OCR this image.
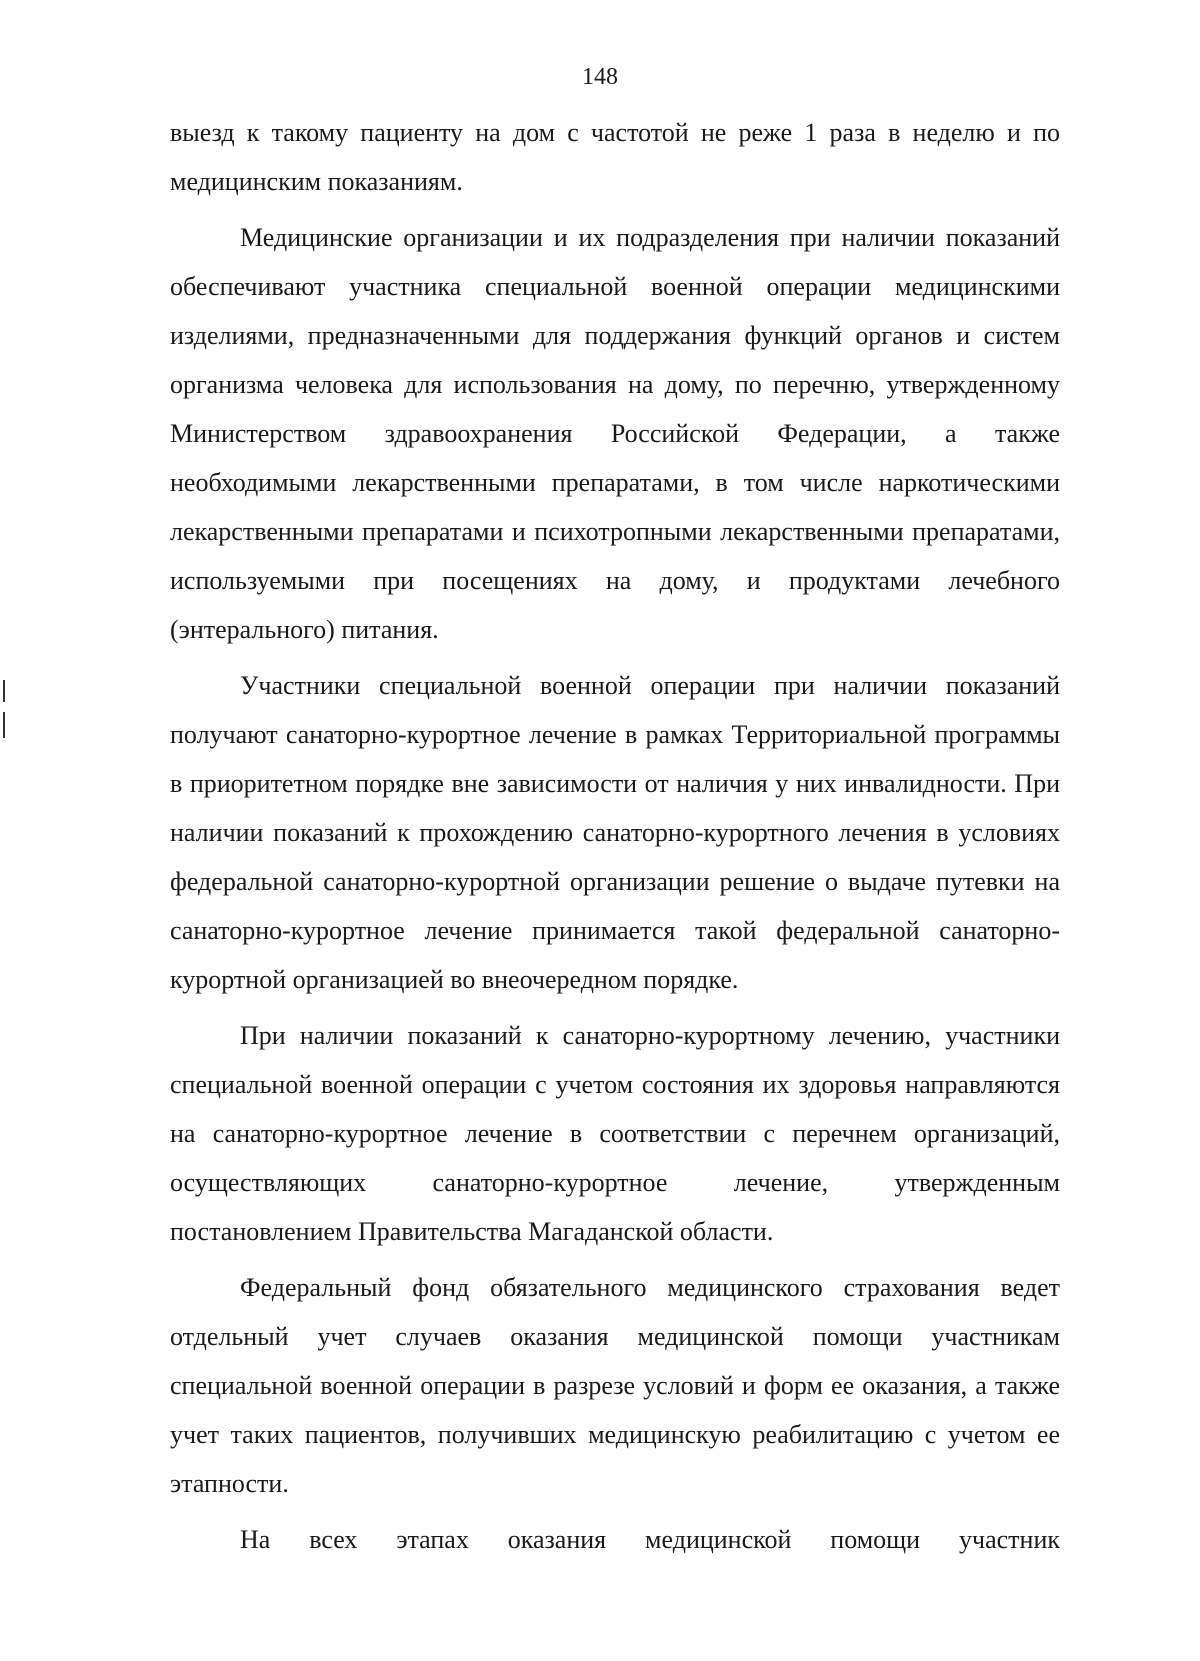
148

выезд к такому пациенту на дом с частотой не реже 1 раза в неделю и по медицинским показаниям.

Медицинские организации и их подразделения при наличии показаний обеспечивают участника специальной военной операции медицинскими изделиями, предназначенными для поддержания функций органов и систем организма человека для использования на дому, по перечню, утвержденному Министерством здравоохранения Российской Федерации, а также необходимыми лекарственными препаратами, в том числе наркотическими лекарственными препаратами и психотропными лекарственными препаратами, используемыми при посещениях на дому, и продуктами лечебного (энтерального) питания.

Участники специальной военной операции при наличии показаний получают санаторно-курортное лечение в рамках Территориальной программы в приоритетном порядке вне зависимости от наличия у них инвалидности. При наличии показаний к прохождению санаторно-курортного лечения в условиях федеральной санаторно-курортной организации решение о выдаче путевки на санаторно-курортное лечение принимается такой федеральной санаторно-курортной организацией во внеочередном порядке.

При наличии показаний к санаторно-курортному лечению, участники специальной военной операции с учетом состояния их здоровья направляются на санаторно-курортное лечение в соответствии с перечнем организаций, осуществляющих санаторно-курортное лечение, утвержденным постановлением Правительства Магаданской области.

Федеральный фонд обязательного медицинского страхования ведет отдельный учет случаев оказания медицинской помощи участникам специальной военной операции в разрезе условий и форм ее оказания, а также учет таких пациентов, получивших медицинскую реабилитацию с учетом ее этапности.

На всех этапах оказания медицинской помощи участник
